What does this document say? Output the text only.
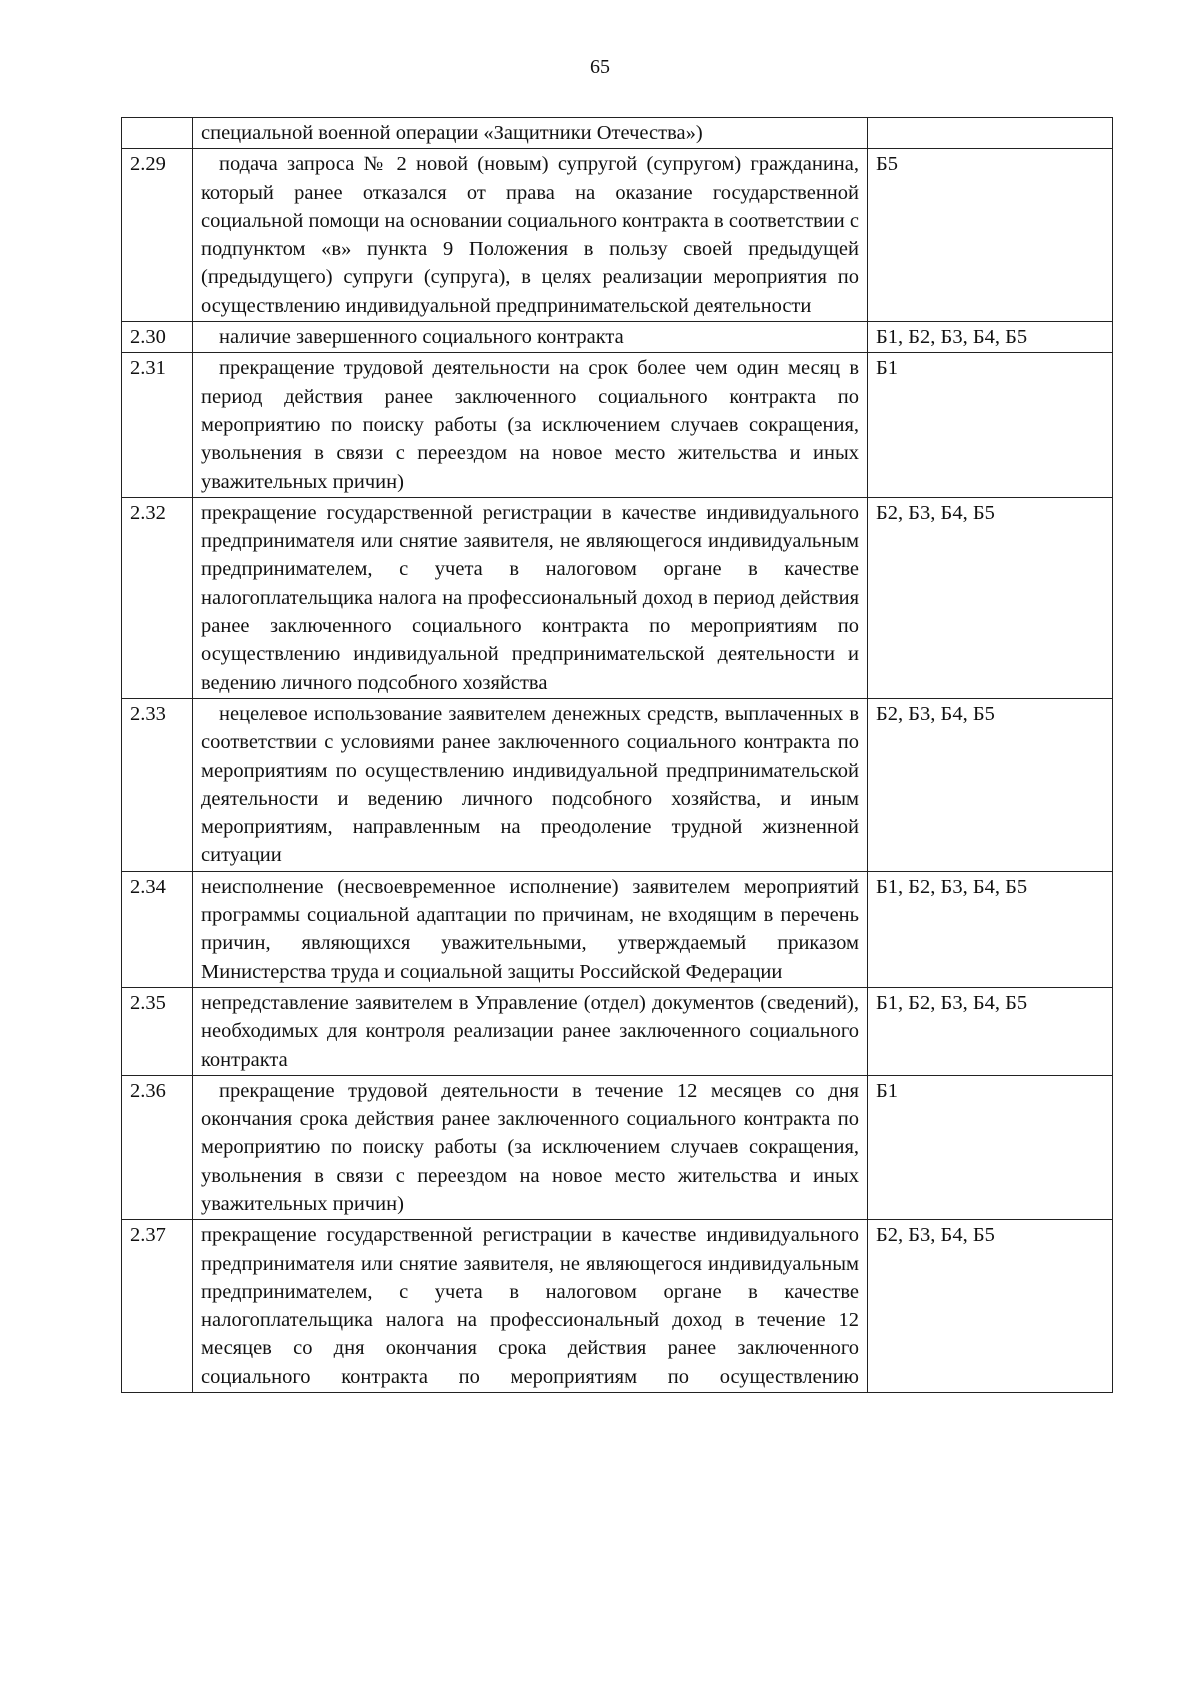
65
	специальной военной операции «Защитники Отечества»)	
2.29	подача запроса № 2 новой (новым) супругой (супругом) гражданина, который ранее отказался от права на оказание государственной социальной помощи на основании социального контракта в соответствии с подпунктом «в» пункта 9 Положения в пользу своей предыдущей (предыдущего) супруги (супруга), в целях реализации мероприятия по осуществлению индивидуальной предпринимательской деятельности	Б5
2.30	наличие завершенного социального контракта	Б1, Б2, Б3, Б4, Б5
2.31	прекращение трудовой деятельности на срок более чем один месяц в период действия ранее заключенного социального контракта по мероприятию по поиску работы (за исключением случаев сокращения, увольнения в связи с переездом на новое место жительства и иных уважительных причин)	Б1
2.32	прекращение государственной регистрации в качестве индивидуального предпринимателя или снятие заявителя, не являющегося индивидуальным предпринимателем, с учета в налоговом органе в качестве налогоплательщика налога на профессиональный доход в период действия ранее заключенного социального контракта по мероприятиям по осуществлению индивидуальной предпринимательской деятельности и ведению личного подсобного хозяйства	Б2, Б3, Б4, Б5
2.33	нецелевое использование заявителем денежных средств, выплаченных в соответствии с условиями ранее заключенного социального контракта по мероприятиям по осуществлению индивидуальной предпринимательской деятельности и ведению личного подсобного хозяйства, и иным мероприятиям, направленным на преодоление трудной жизненной ситуации	Б2, Б3, Б4, Б5
2.34	неисполнение (несвоевременное исполнение) заявителем мероприятий программы социальной адаптации по причинам, не входящим в перечень причин, являющихся уважительными, утверждаемый приказом Министерства труда и социальной защиты Российской Федерации	Б1, Б2, Б3, Б4, Б5
2.35	непредставление заявителем в Управление (отдел) документов (сведений), необходимых для контроля реализации ранее заключенного социального контракта	Б1, Б2, Б3, Б4, Б5
2.36	прекращение трудовой деятельности в течение 12 месяцев со дня окончания срока действия ранее заключенного социального контракта по мероприятию по поиску работы (за исключением случаев сокращения, увольнения в связи с переездом на новое место жительства и иных уважительных причин)	Б1
2.37	прекращение государственной регистрации в качестве индивидуального предпринимателя или снятие заявителя, не являющегося индивидуальным предпринимателем, с учета в налоговом органе в качестве налогоплательщика налога на профессиональный доход в течение 12 месяцев со дня окончания срока действия ранее заключенного социального контракта по мероприятиям по осуществлению	Б2, Б3, Б4, Б5
